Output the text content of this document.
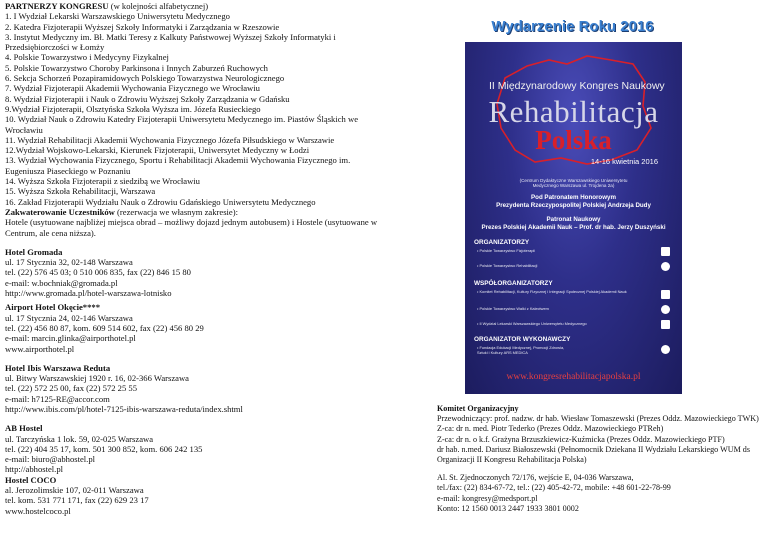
PARTNERZY KONGRESU (w kolejności alfabetycznej)

1. I Wydział Lekarski Warszawskiego Uniwersytetu Medycznego

2. Katedra Fizjoterapii Wyższej Szkoły Informatyki i Zarządzania w Rzeszowie

3. Instytut Medyczny im. Bł. Matki Teresy z Kalkuty Państwowej Wyższej Szkoły Informatyki i Przedsiębiorczości w Łomży

4. Polskie Towarzystwo i Medycyny Fizykalnej

5. Polskie Towarzystwo Choroby Parkinsona i Innych Zaburzeń Ruchowych

6. Sekcja Schorzeń Pozapiramidowych Polskiego Towarzystwa Neurologicznego

7. Wydział Fizjoterapii Akademii Wychowania Fizycznego we Wrocławiu

8. Wydział Fizjoterapii i Nauk o Zdrowiu Wyższej Szkoły Zarządzania w Gdańsku

9.Wydział Fizjoterapii, Olsztyńska Szkoła Wyższa im. Józefa Rusieckiego

10. Wydział Nauk o Zdrowiu Katedry Fizjoterapii Uniwersytetu Medycznego im. Piastów Śląskich we Wrocławiu

11. Wydział Rehabilitacji Akademii Wychowania Fizycznego Józefa Piłsudskiego w Warszawie

12.Wydział Wojskowo-Lekarski, Kierunek Fizjoterapii, Uniwersytet Medyczny w Łodzi

13. Wydział Wychowania Fizycznego, Sportu i Rehabilitacji Akademii Wychowania Fizycznego im. Eugeniusza Piaseckiego w Poznaniu

14. Wyższa Szkoła Fizjoterapii z siedzibą we Wrocławiu

15. Wyższa Szkoła Rehabilitacji, Warszawa

16. Zakład Fizjoterapii Wydziału Nauk o Zdrowiu Gdańskiego Uniwersytetu Medycznego

Zakwaterowanie Uczestników (rezerwacja we własnym zakresie):

Hotele (usytuowane najbliżej miejsca obrad – możliwy dojazd jednym autobusem) i Hostele (usytuowane w Centrum, ale cena niższa).

Hotel Gromada

ul. 17 Stycznia 32, 02-148 Warszawa

tel. (22) 576 45 03; 0 510 006 835, fax (22) 846 15 80

e-mail: w.bochniak@gromada.pl

http://www.gromada.pl/hotel-warszawa-lotnisko

Airport Hotel Okęcie****

ul. 17 Stycznia 24, 02-146 Warszawa

tel. (22) 456 80 87, kom. 609 514 602, fax (22) 456 80 29

e-mail: marcin.glinka@airporthotel.pl

www.airporthotel.pl

Hotel Ibis Warszawa Reduta

ul. Bitwy Warszawskiej 1920 r. 16, 02-366 Warszawa

tel. (22) 572 25 00, fax (22) 572 25 55

e-mail: h7125-RE@accor.com

http://www.ibis.com/pl/hotel-7125-ibis-warszawa-reduta/index.shtml

AB Hostel

ul. Tarczyńska 1 lok. 59, 02-025 Warszawa

tel. (22) 404 35 17, kom. 501 300 852, kom. 606 242 135

e-mail: biuro@abhostel.pl

http://abhostel.pl

Hostel COCO

al. Jerozolimskie 107, 02-011 Warszawa

tel. kom. 531 771 171, fax (22) 629 23 17

www.hostelcoco.pl

Wydarzenie Roku 2016
II Międzynarodowy Kongres Naukowy
Rehabilitacja
Polska
14-16 kwietnia 2016
(Centrum Dydaktyczne Warszawskiego Uniwersytetu
Medycznego Warszawa ul. Trojdena 2a)
Pod Patronatem Honorowym
Prezydenta Rzeczypospolitej Polskiej Andrzeja Dudy
Patronat Naukowy
Prezes Polskiej Akademii Nauk – Prof. dr hab. Jerzy Duszyński
ORGANIZATORZY
• Polskie Towarzystwo Fizjoterapii
• Polskie Towarzystwo Rehabilitacji
WSPÓŁORGANIZATORZY
• Komitet Rehabilitacji, Kultury Fizycznej i Integracji Społecznej Polskiej Akademii Nauk
• Polskie Towarzystwo Walki z Kalectwem
• II Wydział Lekarski Warszawskiego Uniwersytetu Medycznego
ORGANIZATOR WYKONAWCZY
• Fundacja Edukacji Medycznej, Promocji Zdrowia,
Sztuki i Kultury ARS MEDICA
www.kongresrehabilitacjapolska.pl

Komitet Organizacyjny

Przewodniczący: prof. nadzw. dr hab. Wiesław Tomaszewski (Prezes Oddz. Mazowieckiego TWK)

Z-ca: dr n. med. Piotr Tederko (Prezes Oddz. Mazowieckiego PTReh)

Z-ca: dr n. o k.f. Grażyna Brzuszkiewicz-Kuźmicka (Prezes Oddz. Mazowieckiego PTF)

dr hab. n.med. Dariusz Białoszewski (Pełnomocnik Dziekana II Wydziału Lekarskiego WUM ds Organizacji II Kongresu Rehabilitacja Polska)

Al. St. Zjednoczonych 72/176, wejście E, 04-036 Warszawa,

tel./fax: (22) 834-67-72, tel.: (22) 405-42-72, mobile: +48 601-22-78-99

e-mail: kongresy@medsport.pl

Konto: 12 1560 0013 2447 1933 3801 0002
